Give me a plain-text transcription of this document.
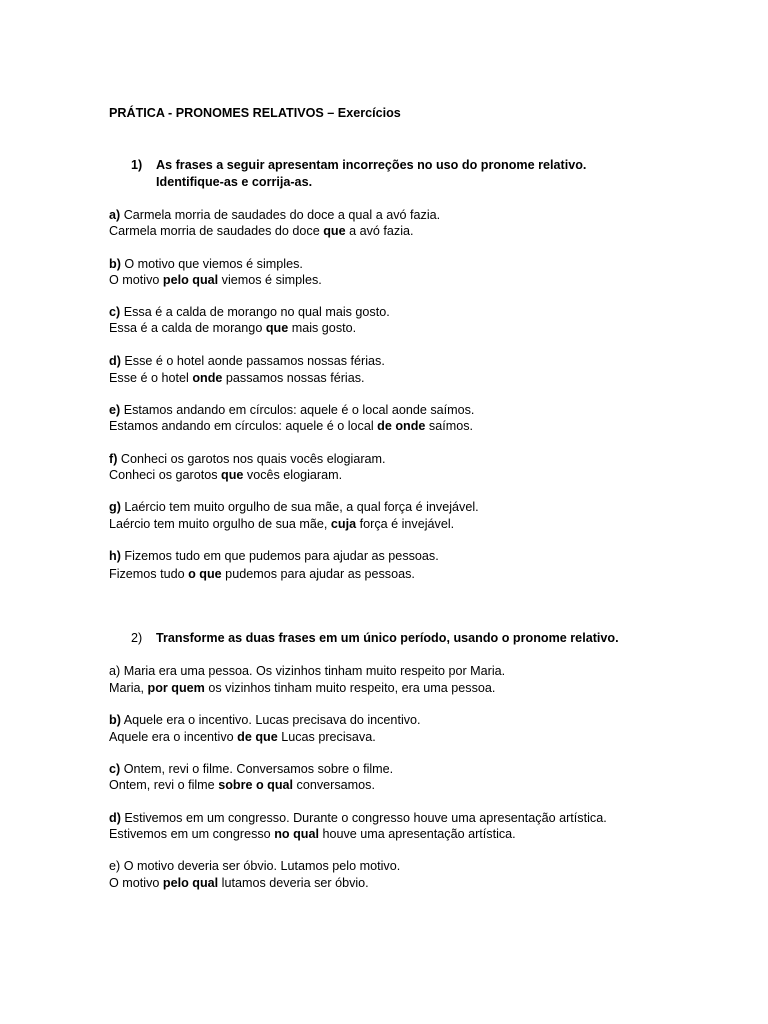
PRÁTICA - PRONOMES RELATIVOS – Exercícios
1) As frases a seguir apresentam incorreções no uso do pronome relativo.
Identifique-as e corrija-as.
a) Carmela morria de saudades do doce a qual a avó fazia.
Carmela morria de saudades do doce que a avó fazia.
b) O motivo que viemos é simples.
O motivo pelo qual viemos é simples.
c) Essa é a calda de morango no qual mais gosto.
Essa é a calda de morango que mais gosto.
d) Esse é o hotel aonde passamos nossas férias.
Esse é o hotel onde passamos nossas férias.
e) Estamos andando em círculos: aquele é o local aonde saímos.
Estamos andando em círculos: aquele é o local de onde saímos.
f) Conheci os garotos nos quais vocês elogiaram.
Conheci os garotos que vocês elogiaram.
g) Laércio tem muito orgulho de sua mãe, a qual força é invejável.
Laércio tem muito orgulho de sua mãe, cuja força é invejável.
h) Fizemos tudo em que pudemos para ajudar as pessoas.
Fizemos tudo o que pudemos para ajudar as pessoas.
2) Transforme as duas frases em um único período, usando o pronome relativo.
a) Maria era uma pessoa. Os vizinhos tinham muito respeito por Maria.
Maria, por quem os vizinhos tinham muito respeito, era uma pessoa.
b) Aquele era o incentivo. Lucas precisava do incentivo.
Aquele era o incentivo de que Lucas precisava.
c) Ontem, revi o filme. Conversamos sobre o filme.
Ontem, revi o filme sobre o qual conversamos.
d) Estivemos em um congresso. Durante o congresso houve uma apresentação artística.
Estivemos em um congresso no qual houve uma apresentação artística.
e) O motivo deveria ser óbvio. Lutamos pelo motivo.
O motivo pelo qual lutamos deveria ser óbvio.
